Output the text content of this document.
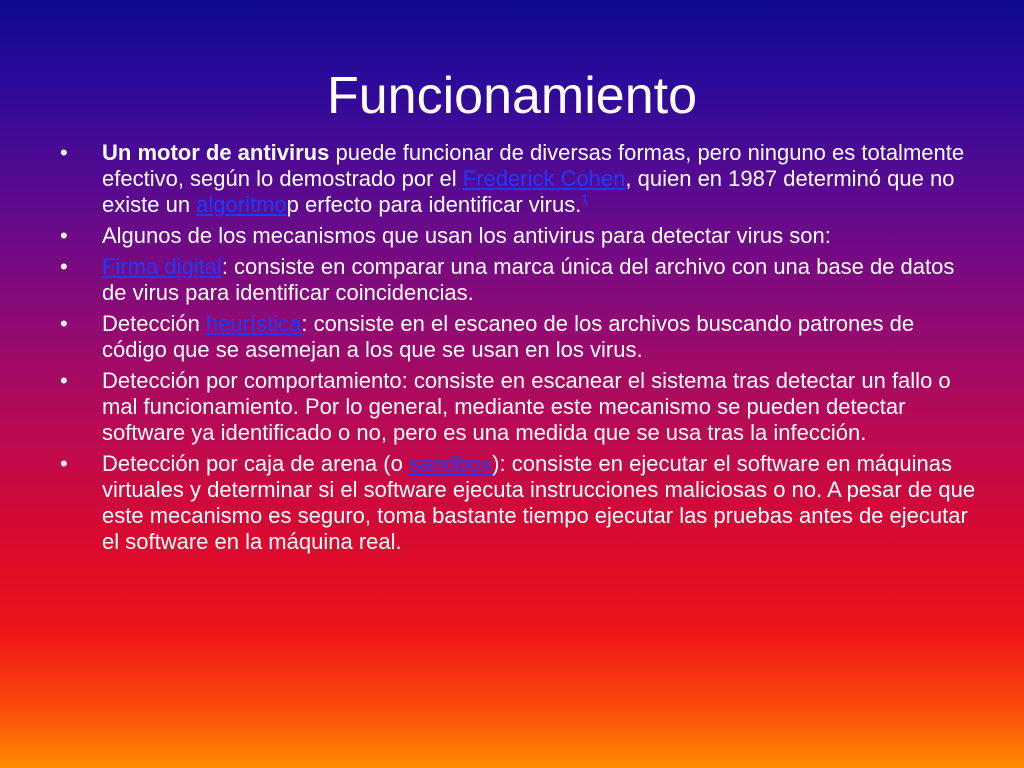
Funcionamiento
• Un motor de antivirus puede funcionar de diversas formas, pero ninguno es totalmente efectivo, según lo demostrado por el Frederick Cohen, quien en 1987 determinó que no existe un algoritmop erfecto para identificar virus.$^1$
• Algunos de los mecanismos que usan los antivirus para detectar virus son:
• Firma digital: consiste en comparar una marca única del archivo con una base de datos de virus para identificar coincidencias.
• Detección heurística: consiste en el escaneo de los archivos buscando patrones de código que se asemejan a los que se usan en los virus.
• Detección por comportamiento: consiste en escanear el sistema tras detectar un fallo o mal funcionamiento. Por lo general, mediante este mecanismo se pueden detectar software ya identificado o no, pero es una medida que se usa tras la infección.
• Detección por caja de arena (o sandbox): consiste en ejecutar el software en máquinas virtuales y determinar si el software ejecuta instrucciones maliciosas o no. A pesar de que este mecanismo es seguro, toma bastante tiempo ejecutar las pruebas antes de ejecutar el software en la máquina real.
